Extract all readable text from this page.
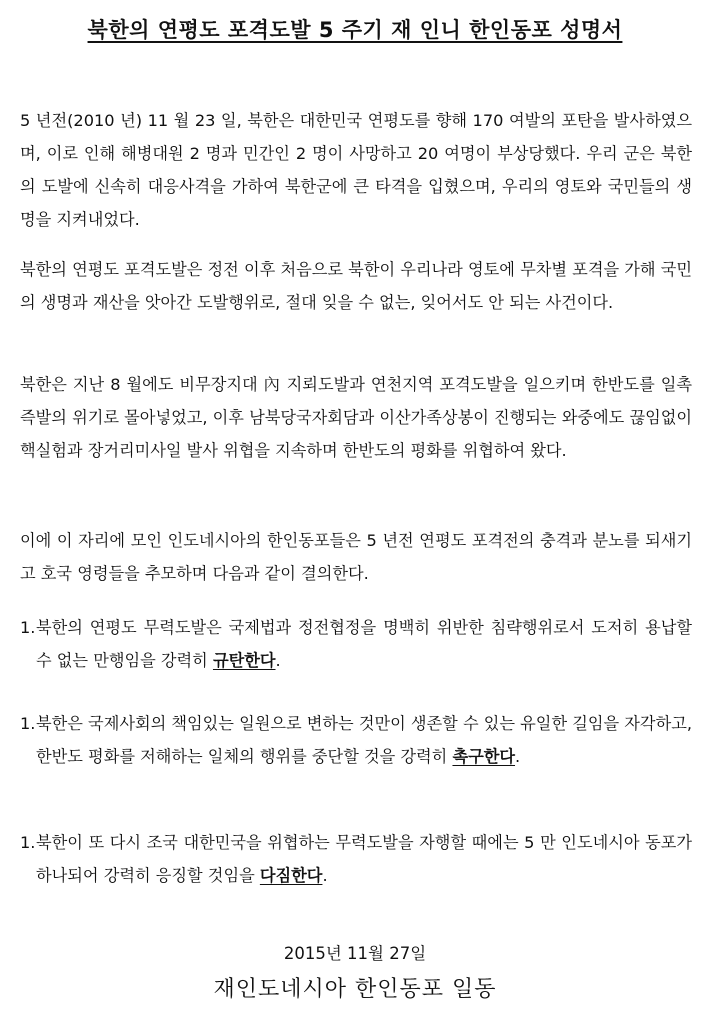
북한의 연평도 포격도발 5 주기 재 인니 한인동포 성명서

5 년전(2010 년) 11 월 23 일, 북한은 대한민국 연평도를 향해 170 여발의 포탄을 발사하였으며, 이로 인해 해병대원 2 명과 민간인 2 명이 사망하고 20 여명이 부상당했다. 우리 군은 북한의 도발에 신속히 대응사격을 가하여 북한군에 큰 타격을 입혔으며, 우리의 영토와 국민들의 생명을 지켜내었다.

북한의 연평도 포격도발은 정전 이후 처음으로 북한이 우리나라 영토에 무차별 포격을 가해 국민의 생명과 재산을 앗아간 도발행위로, 절대 잊을 수 없는, 잊어서도 안 되는 사건이다.

북한은 지난 8 월에도 비무장지대 內 지뢰도발과 연천지역 포격도발을 일으키며 한반도를 일촉즉발의 위기로 몰아넣었고, 이후 남북당국자회담과 이산가족상봉이 진행되는 와중에도 끊임없이 핵실험과 장거리미사일 발사 위협을 지속하며 한반도의 평화를 위협하여 왔다.

이에 이 자리에 모인 인도네시아의 한인동포들은 5 년전 연평도 포격전의 충격과 분노를 되새기고 호국 영령들을 추모하며 다음과 같이 결의한다.

1. 북한의 연평도 무력도발은 국제법과 정전협정을 명백히 위반한 침략행위로서 도저히 용납할 수 없는 만행임을 강력히 규탄한다.
1. 북한은 국제사회의 책임있는 일원으로 변하는 것만이 생존할 수 있는 유일한 길임을 자각하고, 한반도 평화를 저해하는 일체의 행위를 중단할 것을 강력히 촉구한다.
1. 북한이 또 다시 조국 대한민국을 위협하는 무력도발을 자행할 때에는 5 만 인도네시아 동포가 하나되어 강력히 응징할 것임을 다짐한다.
2015년 11월 27일
재인도네시아 한인동포 일동
